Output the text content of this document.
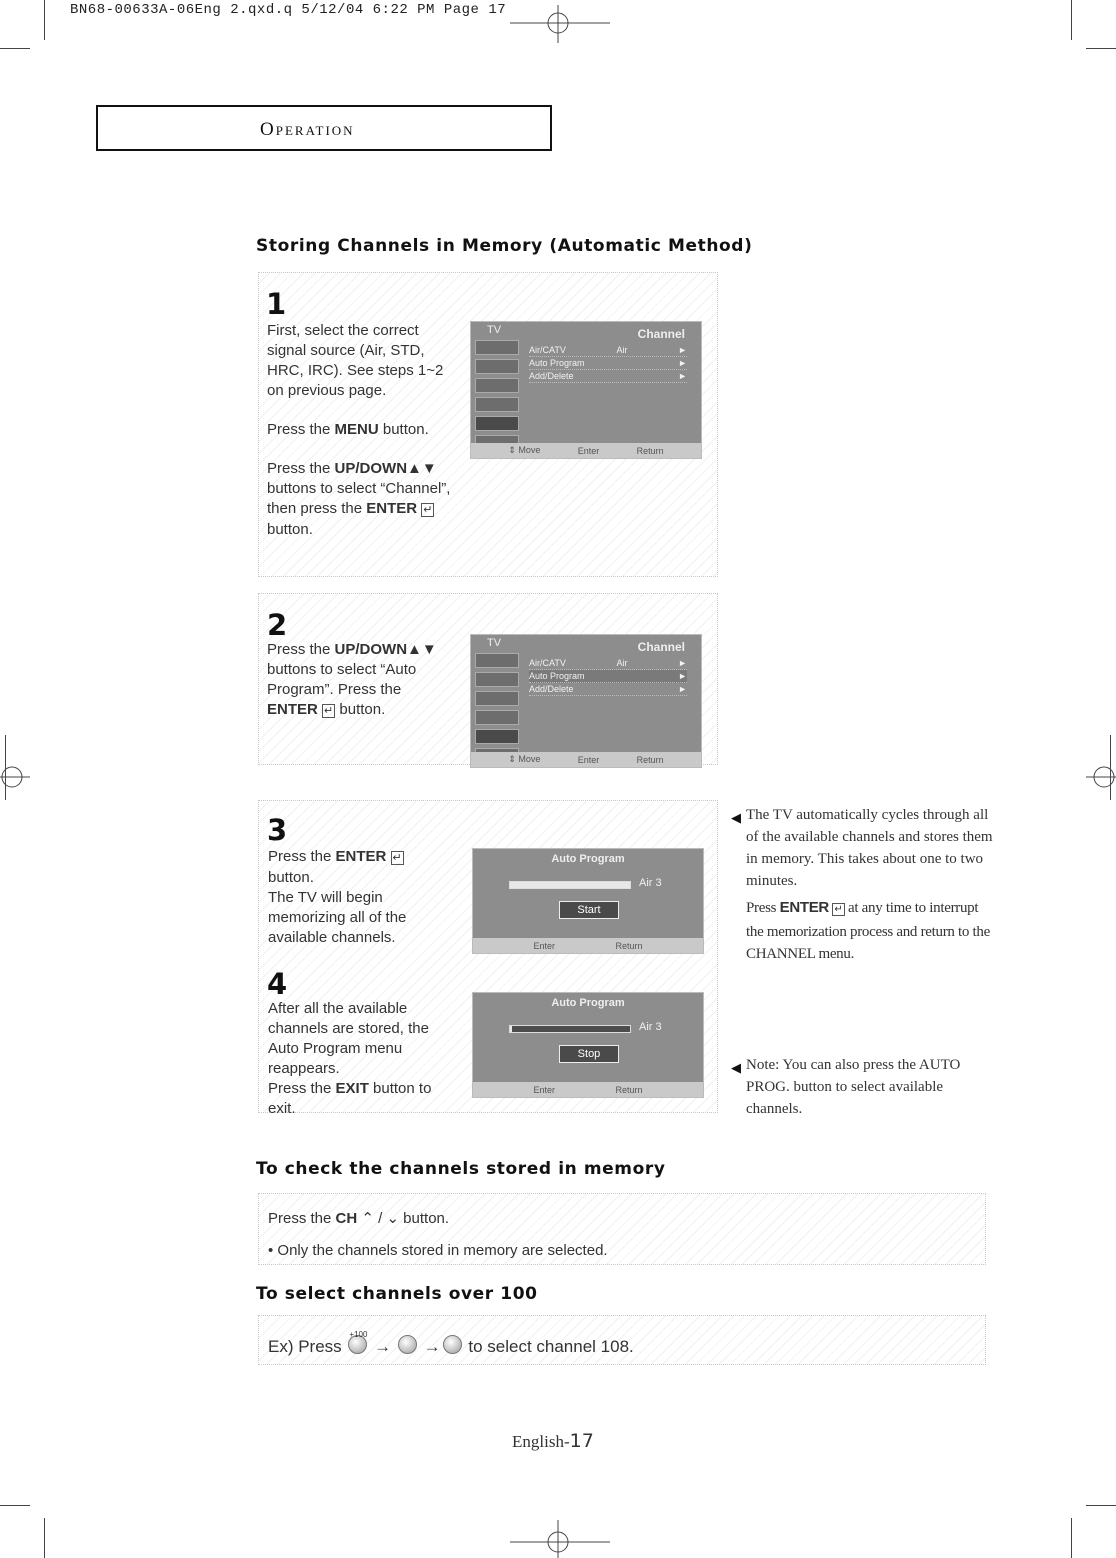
BN68-00633A-06Eng 2.qxd.q 5/12/04 6:22 PM Page 17
Operation
Storing Channels in Memory (Automatic Method)
1

First, select the correct signal source (Air, STD, HRC, IRC). See steps 1~2 on previous page.

Press the MENU button.

Press the UP/DOWN▲▼ buttons to select “Channel”, then press the ENTER ↵ button.

TV	Channel
Air/CATV	Air	►
Auto Program	►
Add/Delete	►
⇕ Move	Enter	Return
2

Press the UP/DOWN▲▼ buttons to select “Auto Program”. Press the ENTER ↵ button.

TV	Channel
Air/CATV	Air	►
Auto Program	►
Add/Delete	►
⇕ Move	Enter	Return
3

Press the ENTER ↵

button.

The TV will begin memorizing all of the available channels.

Auto Program
Air 3
Start
Enter	Return
4

After all the available channels are stored, the Auto Program menu reappears.

Press the EXIT button to exit.

Auto Program
Air 3
Stop
Enter	Return
◀ The TV automatically cycles through all of the available channels and stores them in memory. This takes about one to two minutes.

Press ENTER ↵ at any time to interrupt the memorization process and return to the CHANNEL menu.

◀ Note: You can also press the AUTO PROG. button to select available channels.

To check the channels stored in memory
Press the CH ⌃ / ⌄ button.
• Only the channels stored in memory are selected.
To select channels over 100
Ex) Press
+100
→  → to select channel 108.
English-17
